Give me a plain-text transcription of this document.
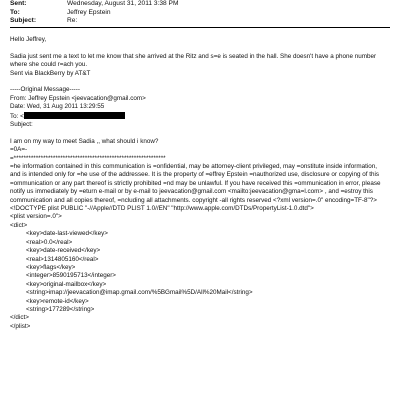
Sent:	Wednesday, August 31, 2011 3:38 PM
To:	Jeffrey Epstein
Subject:	Re:
Hello Jeffrey,
Sadia just sent me a text to let me know that she arrived at the Ritz and s=e is seated in the hall. She doesn't have a phone number where she could r=ach you.
Sent via BlackBerry by AT&T
-----Original Message-----
From: Jeffrey Epstein <jeevacation@gmail.com>
Date: Wed, 31 Aug 2011 13:29:55
To: <
Subject:
I am on my way to meet Sadia ,, what should i know?
=0A=-
=**************************************************************
=he information contained in this communication is =onfidential, may be attorney-client privileged, may =onstitute inside information, and is intended only for =he use of the addressee. It is the property of =effrey Epstein =nauthorized use, disclosure or copying of this =ommunication or any part thereof is strictly prohibited =nd may be unlawful. If you have received this =ommunication in error, please notify us immediately by =eturn e-mail or by e-mail to jeevacation@gmail.com <mailto:jeevacation@gma=l.com> , and =estroy this communication and all copies thereof, =ncluding all attachments. copyright -all rights reserved <?xml version=.0" encoding=TF-8"?> <!DOCTYPE plist PUBLIC "-//Apple//DTD PLIST 1.0//EN" "http://www.apple.com/DTDs/PropertyList-1.0.dtd">
<plist version=.0">
<dict>
<key>date-last-viewed</key>
<real>0.0</real>
<key>date-received</key>
<real>1314805160</real>
<key>flags</key>
<integer>8590195713</integer>
<key>original-mailbox</key>
<string>imap://jeevacation@imap.gmail.com/%5BGmail%5D/All%20Mail</string>
<key>remote-id</key>
<string>177289</string>
</dict>
</plist>
